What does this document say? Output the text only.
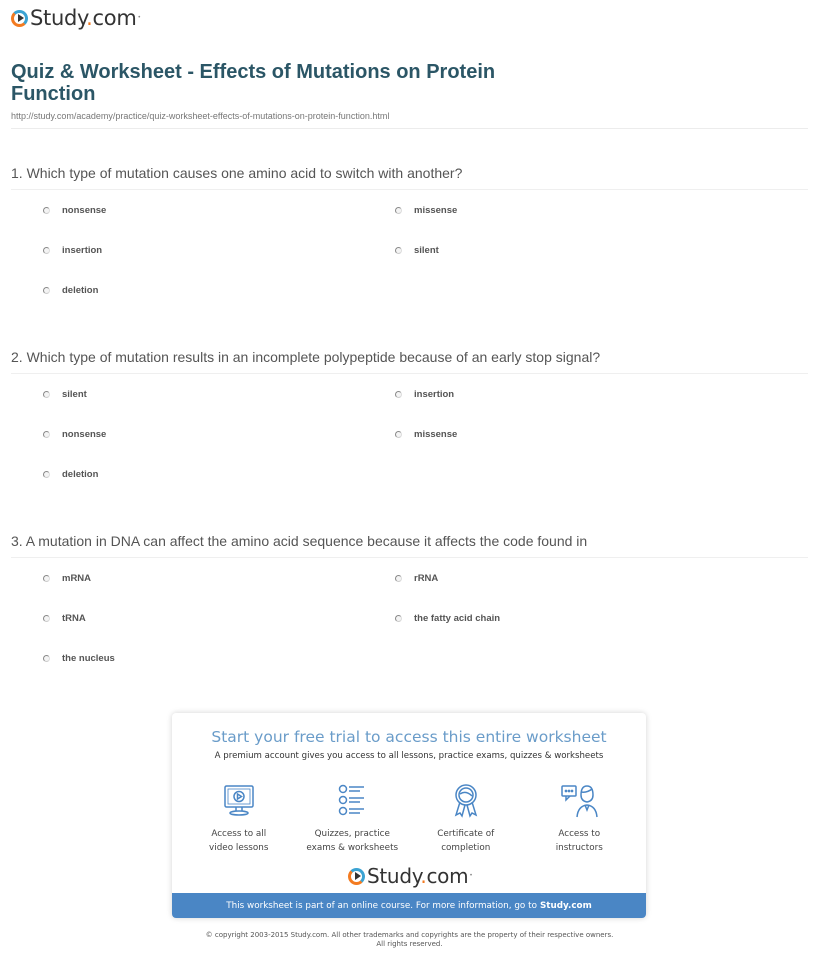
Study.com•
Quiz & Worksheet - Effects of Mutations on Protein Function
http://study.com/academy/practice/quiz-worksheet-effects-of-mutations-on-protein-function.html
1. Which type of mutation causes one amino acid to switch with another?
nonsense	missense
insertion	silent
deletion
2. Which type of mutation results in an incomplete polypeptide because of an early stop signal?
silent	insertion
nonsense	missense
deletion
3. A mutation in DNA can affect the amino acid sequence because it affects the code found in
mRNA	rRNA
tRNA	the fatty acid chain
the nucleus
Start your free trial to access this entire worksheet
A premium account gives you access to all lessons, practice exams, quizzes & worksheets
Access to all
video lessons
Quizzes, practice
exams & worksheets
Certificate of
completion
Access to
instructors
Study.com•
This worksheet is part of an online course. For more information, go to Study.com
© copyright 2003-2015 Study.com. All other trademarks and copyrights are the property of their respective owners.
All rights reserved.
